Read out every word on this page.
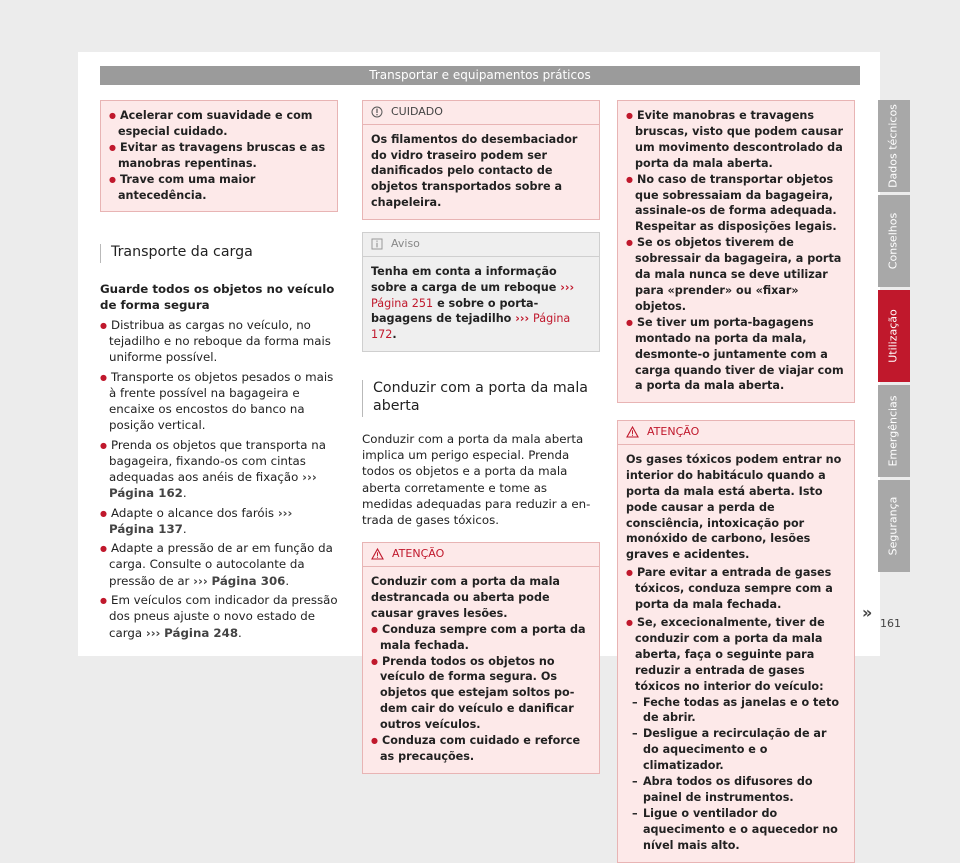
Transportar e equipamentos práticos
● Acelerar com suavidade e com especial cuidado.
● Evitar as travagens bruscas e as manobras repentinas.
● Trave com uma maior antecedência.
Transporte da carga
Guarde todos os objetos no veículo de forma segura
● Distribua as cargas no veículo, no tejadilho e no reboque da forma mais uniforme possível.
● Transporte os objetos pesados o mais à frente possível na bagageira e encaixe os encostos do banco na posição vertical.
● Prenda os objetos que transporta na bagageira, fixando-os com cintas adequadas aos anéis de fixação ››› Página 162.
● Adapte o alcance dos faróis ››› Página 137.
● Adapte a pressão de ar em função da carga. Consulte o autocolante da pressão de ar ››› Página 306.
● Em veículos com indicador da pressão dos pneus ajuste o novo estado de carga ››› Página 248.
CUIDADO
Os filamentos do desembaciador do vidro traseiro podem ser danificados pelo contacto de objetos transportados sobre a chapeleira.
Aviso
Tenha em conta a informação sobre a carga de um reboque ››› Página 251 e sobre o porta-bagagens de tejadilho ››› Página 172.
Conduzir com a porta da mala aberta
Conduzir com a porta da mala aberta implica um perigo especial. Prenda todos os objetos e a porta da mala aberta corretamente e tome as medidas adequadas para reduzir a entrada de gases tóxicos.
ATENÇÃO
Conduzir com a porta da mala destrancada ou aberta pode causar graves lesões.
● Conduza sempre com a porta da mala fechada.
● Prenda todos os objetos no veículo de forma segura. Os objetos que estejam soltos podem cair do veículo e danificar outros veículos.
● Conduza com cuidado e reforce as precauções.
● Evite manobras e travagens bruscas, visto que podem causar um movimento descontrolado da porta da mala aberta.
● No caso de transportar objetos que sobressaiam da bagageira, assinale-os de forma adequada. Respeitar as disposições legais.
● Se os objetos tiverem de sobressair da bagageira, a porta da mala nunca se deve utilizar para «prender» ou «fixar» objetos.
● Se tiver um porta-bagagens montado na porta da mala, desmonte-o juntamente com a carga quando tiver de viajar com a porta da mala aberta.
ATENÇÃO
Os gases tóxicos podem entrar no interior do habitáculo quando a porta da mala está aberta. Isto pode causar a perda de consciência, intoxicação por monóxido de carbono, lesões graves e acidentes.
● Pare evitar a entrada de gases tóxicos, conduza sempre com a porta da mala fechada.
● Se, excecionalmente, tiver de conduzir com a porta da mala aberta, faça o seguinte para reduzir a entrada de gases tóxicos no interior do veículo:
– Feche todas as janelas e o teto de abrir.
– Desligue a recirculação de ar do aquecimento e o climatizador.
– Abra todos os difusores do painel de instrumentos.
– Ligue o ventilador do aquecimento e o aquecedor no nível mais alto.
Dados técnicos
Conselhos
Utilização
Emergências
Segurança
»
161
